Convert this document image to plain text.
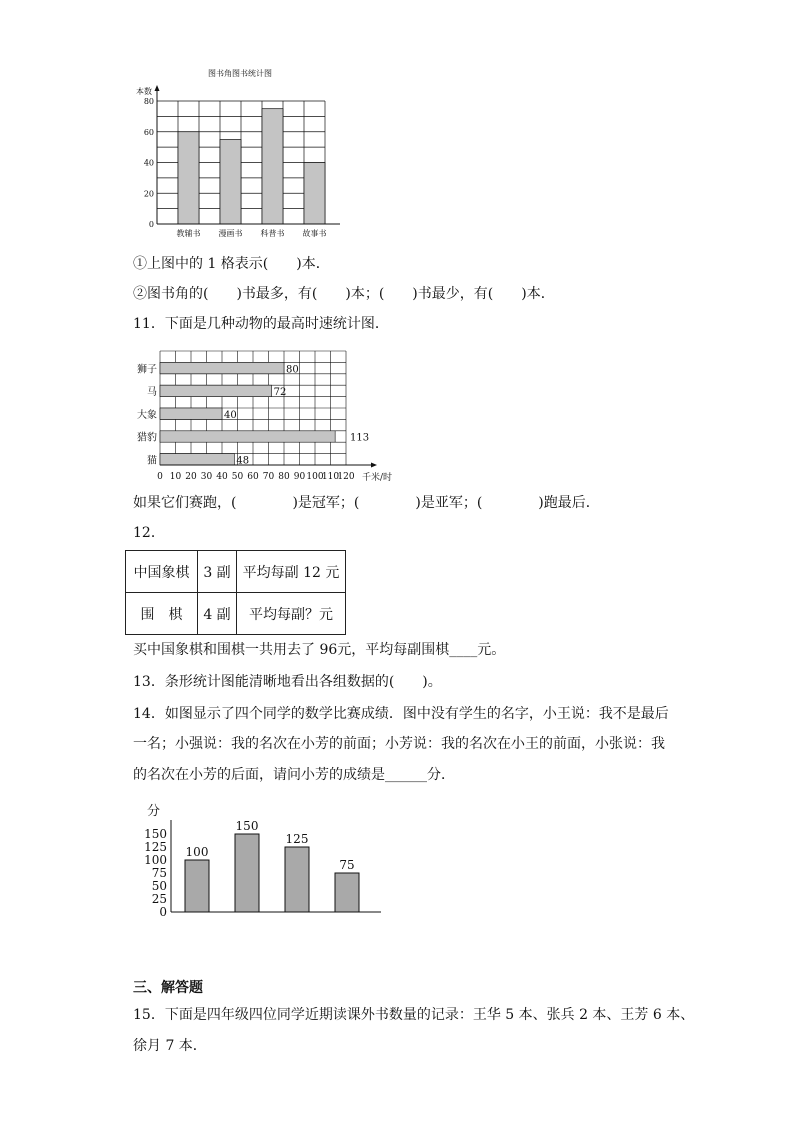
图书角图书统计图
本数
0
20
40
60
80
教辅书 漫画书 科普书 故事书
①上图中的 1 格表示(　　)本．
②图书角的(　　)书最多，有(　　)本；(　　)书最少，有(　　)本．
11．下面是几种动物的最高时速统计图．
80
72
40
113
48
狮子
马
大象
猎豹
猫
0 10 20 30 40 50 60 70 80 90 100
110
120 千米/时
如果它们赛跑，(　　　　)是冠军；(　　　　)是亚军；(　　　　)跑最后．
12．
中国象棋	3 副	平均每副 12 元
围　棋	4 副	平均每副？元
买中国象棋和围棋一共用去了 96元，平均每副围棋____元。
13．条形统计图能清晰地看出各组数据的(　　)。
14．如图显示了四个同学的数学比赛成绩．图中没有学生的名字，小王说：我不是最后
一名；小强说：我的名次在小芳的前面；小芳说：我的名次在小王的前面，小张说：我
的名次在小芳的后面，请问小芳的成绩是______分．
分
0
25
50
75
100
125
150
100
150
125
75
三、解答题
15．下面是四年级四位同学近期读课外书数量的记录：王华 5 本、张兵 2 本、王芳 6 本、
徐月 7 本．
